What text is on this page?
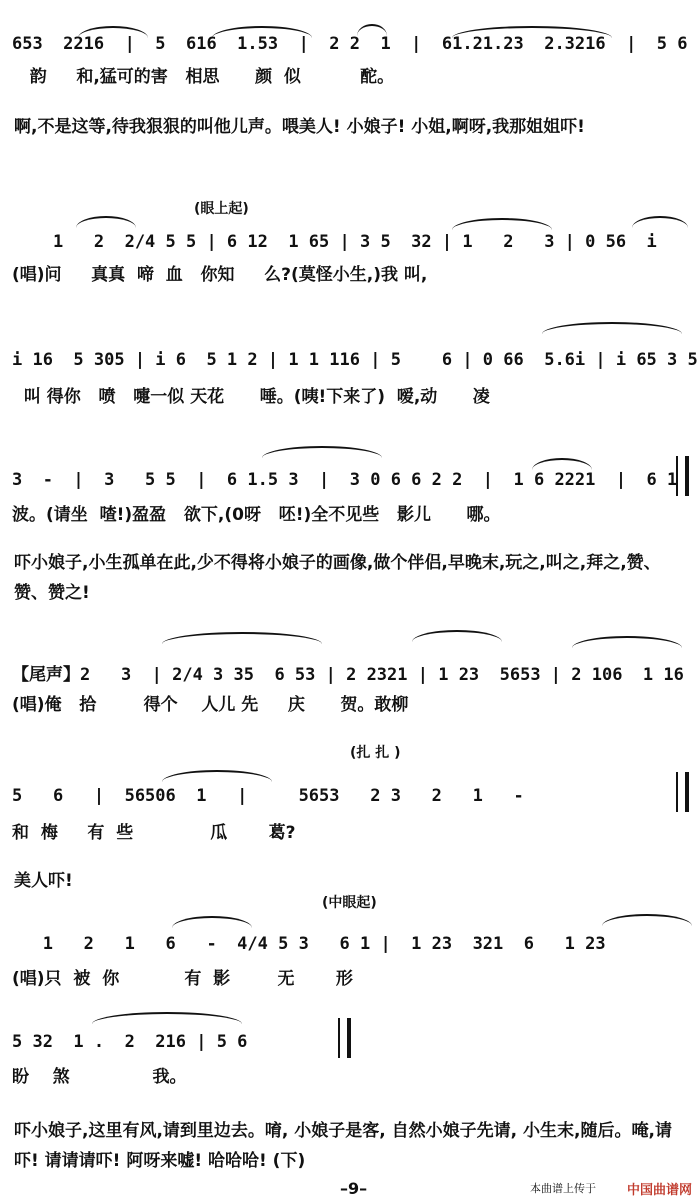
653  2216  |  5  616  1.53  |  2 2  1  |  61.21.23  2.3216  |  5 6
韵     和,猛可的害   相思      颜  似          酡。
啊,不是这等,待我狠狠的叫他儿声。喂美人! 小娘子! 小姐,啊呀,我那姐姐吓!
(眼上起)
1   2  2/4 5 5 | 6 12  1 65 | 3 5  32 | 1   2   3 | 0 56  i
(唱)问     真真  啼  血   你知     么?(莫怪小生,)我 叫,
i 16  5 305 | i 6  5 1 2 | 1 1 116 | 5    6 | 0 66  5.6i | i 65 3 5
叫 得你   喷   嚏一似 天花      唾。(咦!下来了)  嗳,动      凌
3  -  |  3   5 5  |  6 1.5 3  |  3 0 6 6 2 2  |  1 6 2221  |  6 1
波。(请坐  喳!)盈盈   欲下,(0呀   呸!)全不见些   影儿      哪。
吓小娘子,小生孤单在此,少不得将小娘子的画像,做个伴侣,早晚末,玩之,叫之,拜之,赞、赞、赞之!
【尾声】2   3  | 2/4 3 35  6 53 | 2 2321 | 1 23  5653 | 2 106  1 16
(唱)俺   拾        得个    人儿 先     庆      贺。敢柳
(扎 扎 )
5   6   |  56506  1   |     5653   2 3   2   1   -
和  梅     有  些             瓜       葛?
美人吓!
(中眼起)
1   2   1   6   -  4/4 5 3   6 1 |  1 23  321  6   1 23
(唱)只  被  你           有  影        无       形
5 32  1 .  2  216 | 5 6
盼    煞              我。
吓小娘子,这里有风,请到里边去。唷, 小娘子是客, 自然小娘子先请, 小生末,随后。唵,请吓! 请请请吓! 阿呀来嘘! 哈哈哈! (下)
–9–	本曲谱上传于 中国曲谱网
